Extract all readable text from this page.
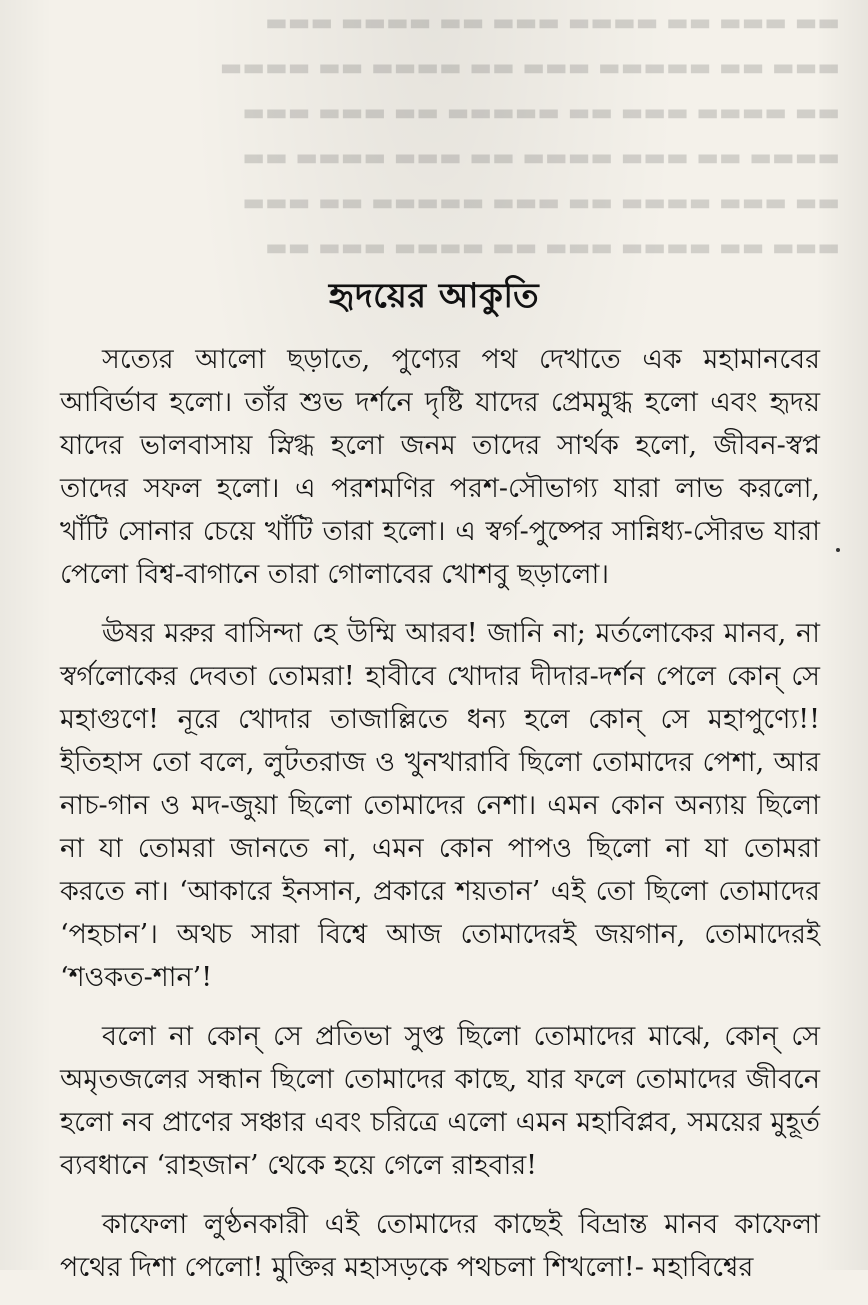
▬▬ ▬▬▬ ▬▬ ▬▬▬▬ ▬▬▬ ▬▬ ▬▬▬▬ ▬▬▬
▬▬▬ ▬▬ ▬▬▬▬▬ ▬▬▬ ▬▬ ▬▬▬▬ ▬▬ ▬▬▬▬
▬▬ ▬▬▬▬ ▬▬▬ ▬▬ ▬▬▬▬▬ ▬▬ ▬▬▬ ▬▬▬
▬▬▬▬ ▬▬ ▬▬▬ ▬▬▬▬ ▬▬ ▬▬▬ ▬▬▬▬ ▬▬
▬▬ ▬▬▬ ▬▬▬▬ ▬▬ ▬▬▬ ▬▬▬▬▬ ▬▬ ▬▬▬
▬▬▬ ▬▬ ▬▬▬▬ ▬▬▬ ▬▬ ▬▬▬▬ ▬▬▬ ▬▬
হৃদয়ের আকুতি

সত্যের আলো ছড়াতে, পুণ্যের পথ দেখাতে এক মহামানবের আবির্ভাব হলো। তাঁর শুভ দর্শনে দৃষ্টি যাদের প্রেমমুগ্ধ হলো এবং হৃদয় যাদের ভালবাসায় স্নিগ্ধ হলো জনম তাদের সার্থক হলো, জীবন-স্বপ্ন তাদের সফল হলো। এ পরশমণির পরশ-সৌভাগ্য যারা লাভ করলো, খাঁটি সোনার চেয়ে খাঁটি তারা হলো। এ স্বর্গ-পুষ্পের সান্নিধ্য-সৌরভ যারা পেলো বিশ্ব-বাগানে তারা গোলাবের খোশবু ছড়ালো।

ঊষর মরুর বাসিন্দা হে উম্মি আরব! জানি না; মর্তলোকের মানব, না স্বর্গলোকের দেবতা তোমরা! হাবীবে খোদার দীদার-দর্শন পেলে কোন্ সে মহাগুণে! নূরে খোদার তাজাল্লিতে ধন্য হলে কোন্ সে মহাপুণ্যে!! ইতিহাস তো বলে, লুটতরাজ ও খুনখারাবি ছিলো তোমাদের পেশা, আর নাচ-গান ও মদ-জুয়া ছিলো তোমাদের নেশা। এমন কোন অন্যায় ছিলো না যা তোমরা জানতে না, এমন কোন পাপও ছিলো না যা তোমরা করতে না। ‘আকারে ইনসান, প্রকারে শয়তান’ এই তো ছিলো তোমাদের ‘পহচান’। অথচ সারা বিশ্বে আজ তোমাদেরই জয়গান, তোমাদেরই ‘শওকত-শান’!

বলো না কোন্ সে প্রতিভা সুপ্ত ছিলো তোমাদের মাঝে, কোন্ সে অমৃতজলের সন্ধান ছিলো তোমাদের কাছে, যার ফলে তোমাদের জীবনে হলো নব প্রাণের সঞ্চার এবং চরিত্রে এলো এমন মহাবিপ্লব, সময়ের মুহূর্ত ব্যবধানে ‘রাহজান’ থেকে হয়ে গেলে রাহবার!

কাফেলা লুণ্ঠনকারী এই তোমাদের কাছেই বিভ্রান্ত মানব কাফেলা পথের দিশা পেলো! মুক্তির মহাসড়কে পথচলা শিখলো!- মহাবিশ্বের
